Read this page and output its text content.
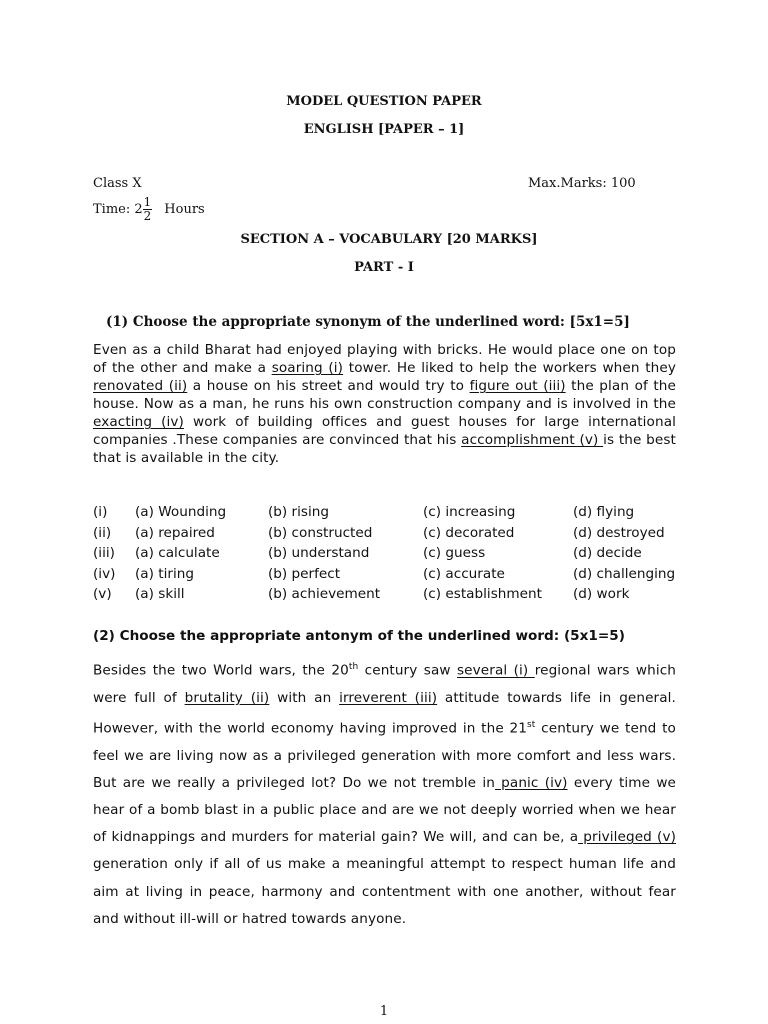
MODEL QUESTION PAPER
ENGLISH [PAPER – 1]
Class X	Max.Marks: 100
Time: $2 \frac{1}{2}$ Hours
SECTION A – VOCABULARY [20 MARKS]
PART - I
(1) Choose the appropriate synonym of the underlined word: [5x1=5]
Even as a child Bharat had enjoyed playing with bricks. He would place one on top of the other and make a soaring (i) tower. He liked to help the workers when they renovated (ii) a house on his street and would try to figure out (iii) the plan of the house. Now as a man, he runs his own construction company and is involved in the exacting (iv) work of building offices and guest houses for large international companies .These companies are convinced that his accomplishment (v) is the best that is available in the city.
(i) (a) Wounding	(b) rising	(c) increasing	(d) flying
(ii) (a) repaired	(b) constructed	(c) decorated	(d) destroyed
(iii) (a) calculate	(b) understand	(c) guess	(d) decide
(iv) (a) tiring	(b) perfect	(c) accurate	(d) challenging
(v) (a) skill	(b) achievement	(c) establishment (d) work
(2) Choose the appropriate antonym of the underlined word: (5x1=5)
Besides the two World wars, the 20th century saw several (i) regional wars which were full of brutality (ii) with an irreverent (iii) attitude towards life in general. However, with the world economy having improved in the 21st century we tend to feel we are living now as a privileged generation with more comfort and less wars. But are we really a privileged lot? Do we not tremble in panic (iv) every time we hear of a bomb blast in a public place and are we not deeply worried when we hear of kidnappings and murders for material gain? We will, and can be, a privileged (v) generation only if all of us make a meaningful attempt to respect human life and aim at living in peace, harmony and contentment with one another, without fear and without ill-will or hatred towards anyone.
1
